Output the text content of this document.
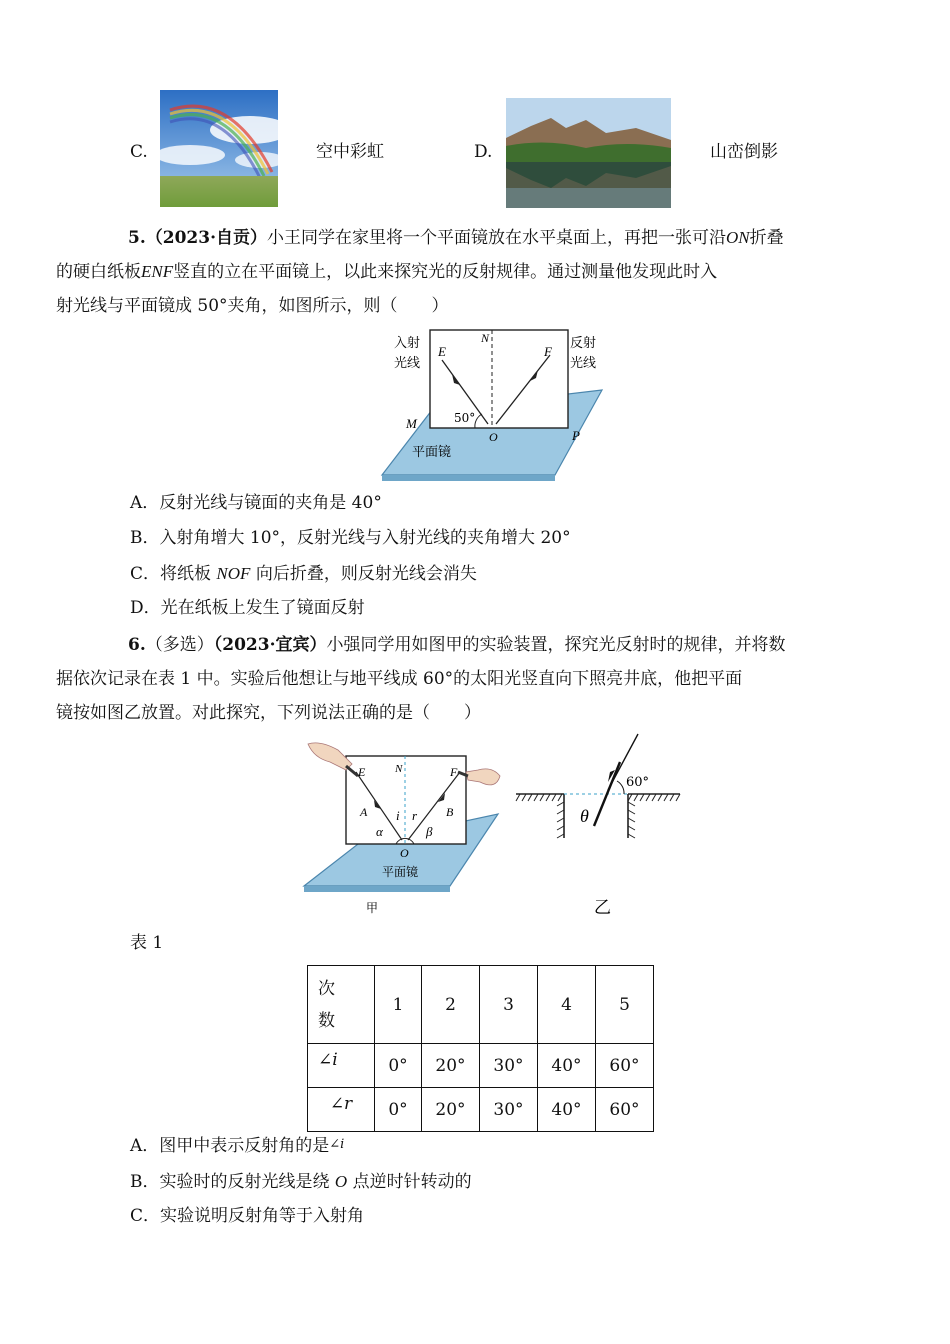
C.	空中彩虹	D.	山峦倒影
5.（2023·自贡）小王同学在家里将一个平面镜放在水平桌面上，再把一张可沿ON折叠
的硬白纸板ENF竖直的立在平面镜上，以此来探究光的反射规律。通过测量他发现此时入
射光线与平面镜成 50°夹角，如图所示，则（　　）
50°
E
N
F
O
M
P
平面镜
入射
光线
反射
光线
A．反射光线与镜面的夹角是 40°
B．入射角增大 10°，反射光线与入射光线的夹角增大 20°
C．将纸板 NOF 向后折叠，则反射光线会消失
D．光在纸板上发生了镜面反射
6.（多选）（2023·宜宾）小强同学用如图甲的实验装置，探究光反射时的规律，并将数
据依次记录在表 1 中。实验后他想让与地平线成 60°的太阳光竖直向下照亮井底，他把平面
镜按如图乙放置。对此探究，下列说法正确的是（　　）
E	N	F
A	B
i r
α	β
O
平面镜
甲
60°
θ
乙
表 1
次数	1	2	3	4	5
∠i	0°	20°	30°	40°	60°
∠r	0°	20°	30°	40°	60°
A．图甲中表示反射角的是∠i
B．实验时的反射光线是绕 O 点逆时针转动的
C．实验说明反射角等于入射角
